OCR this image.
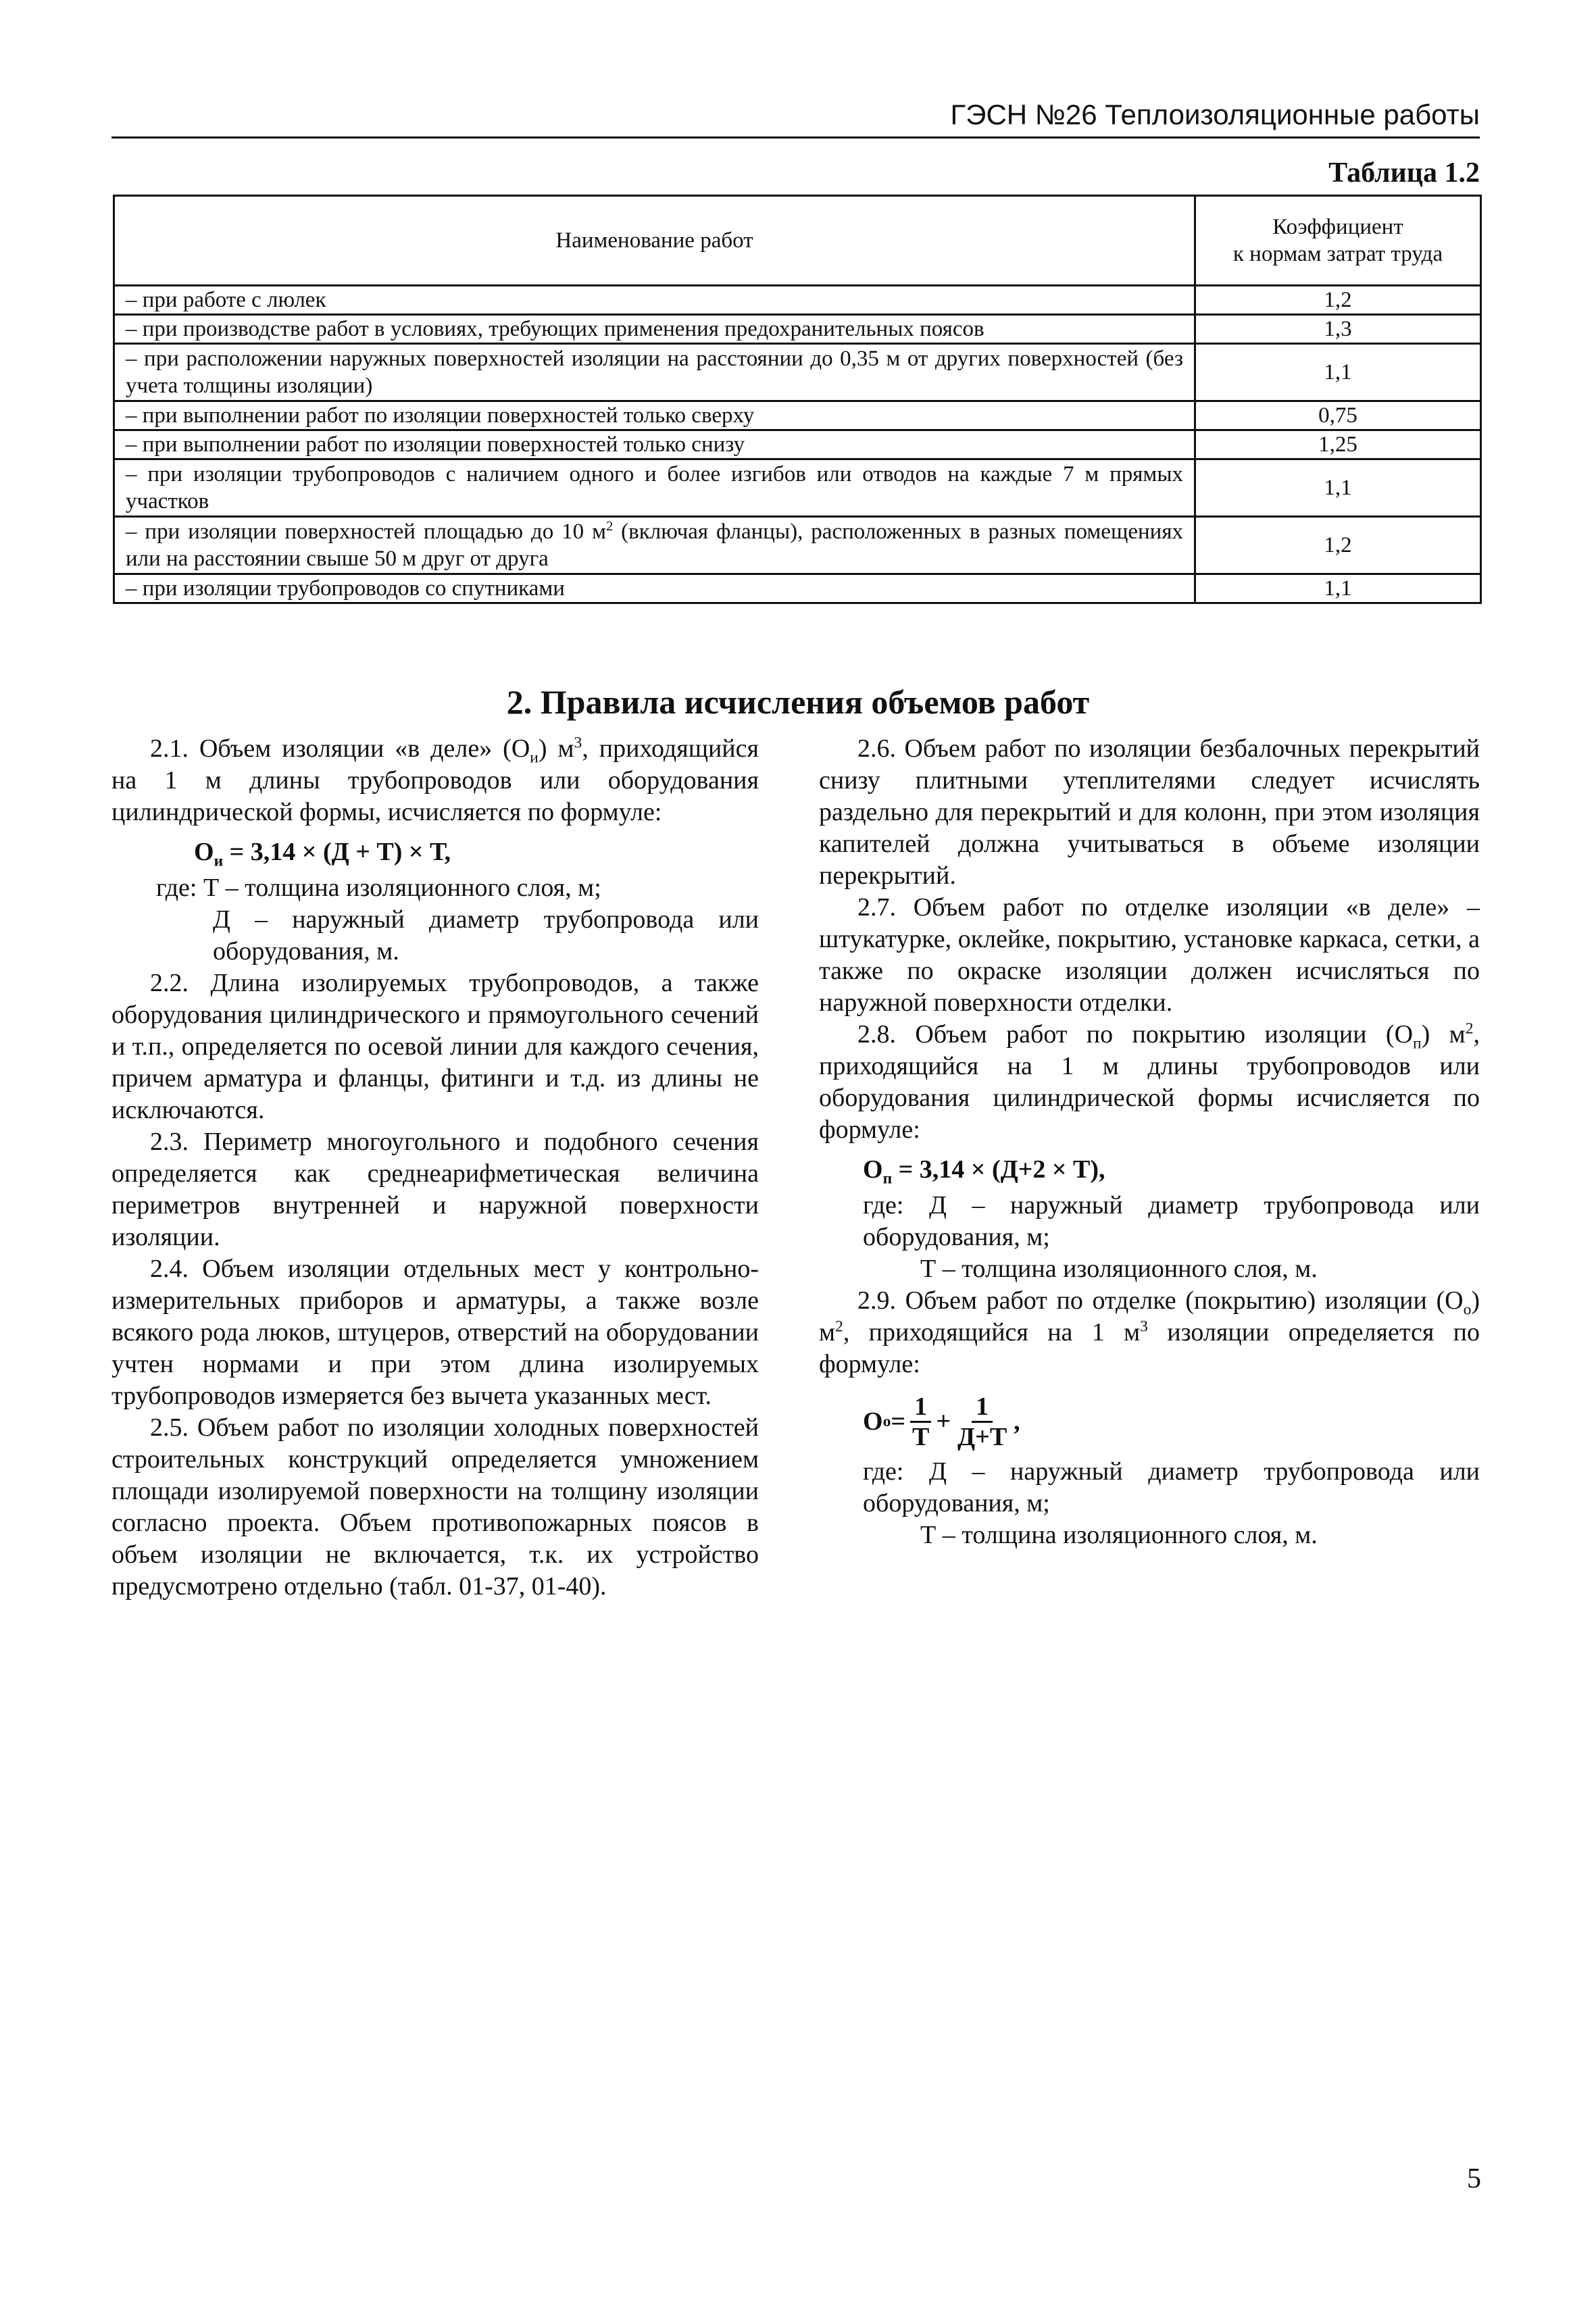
ГЭСН №26 Теплоизоляционные работы
Таблица 1.2
Наименование работ	Коэффициент
к нормам затрат труда
– при работе с люлек	1,2
– при производстве работ в условиях, требующих применения предохранительных поясов	1,3
– при расположении наружных поверхностей изоляции на расстоянии до 0,35 м от других поверхностей (без учета толщины изоляции)	1,1
– при выполнении работ по изоляции поверхностей только сверху	0,75
– при выполнении работ по изоляции поверхностей только снизу	1,25
– при изоляции трубопроводов с наличием одного и более изгибов или отводов на каждые 7 м прямых участков	1,1
– при изоляции поверхностей площадью до 10 $м^2$ (включая фланцы), расположенных в разных помещениях или на расстоянии свыше 50 м друг от друга	1,2
– при изоляции трубопроводов со спутниками	1,1
2. Правила исчисления объемов работ

2.1. Объем изоляции «в деле» $(О_и)$ $м^3$, приходящийся на 1 м длины трубопроводов или оборудования цилиндрической формы, исчисляется по формуле:

$О_и = 3,14 \times (Д + Т) \times Т$,

где: Т – толщина изоляционного слоя, м;

Д – наружный диаметр трубопровода или оборудования, м.

2.2. Длина изолируемых трубопроводов, а также оборудования цилиндрического и прямоугольного сечений и т.п., определяется по осевой линии для каждого сечения, причем арматура и фланцы, фитинги и т.д. из длины не исключаются.

2.3. Периметр многоугольного и подобного сечения определяется как среднеарифметическая величина периметров внутренней и наружной поверхности изоляции.

2.4. Объем изоляции отдельных мест у контрольно-измерительных приборов и арматуры, а также возле всякого рода люков, штуцеров, отверстий на оборудовании учтен нормами и при этом длина изолируемых трубопроводов измеряется без вычета указанных мест.

2.5. Объем работ по изоляции холодных поверхностей строительных конструкций определяется умножением площади изолируемой поверхности на толщину изоляции согласно проекта. Объем противопожарных поясов в объем изоляции не включается, т.к. их устройство предусмотрено отдельно (табл. 01-37, 01-40).

2.6. Объем работ по изоляции безбалочных перекрытий снизу плитными утеплителями следует исчислять раздельно для перекрытий и для колонн, при этом изоляция капителей должна учитываться в объеме изоляции перекрытий.

2.7. Объем работ по отделке изоляции «в деле» – штукатурке, оклейке, покрытию, установке каркаса, сетки, а также по окраске изоляции должен исчисляться по наружной поверхности отделки.

2.8. Объем работ по покрытию изоляции $(О_п)$ $м^2$, приходящийся на 1 м длины трубопроводов или оборудования цилиндрической формы исчисляется по формуле:

$О_п = 3,14 \times (Д+2 \times Т)$,

где: Д – наружный диаметр трубопровода или оборудования, м;

Т – толщина изоляционного слоя, м.

2.9. Объем работ по отделке (покрытию) изоляции $(О_о)$ $м^2$, приходящийся на 1 $м^3$ изоляции определяется по формуле:

О $о = \frac{1}{Т} + \frac{1}{Д+Т}$ ,

где: Д – наружный диаметр трубопровода или оборудования, м;

Т – толщина изоляционного слоя, м.

5
